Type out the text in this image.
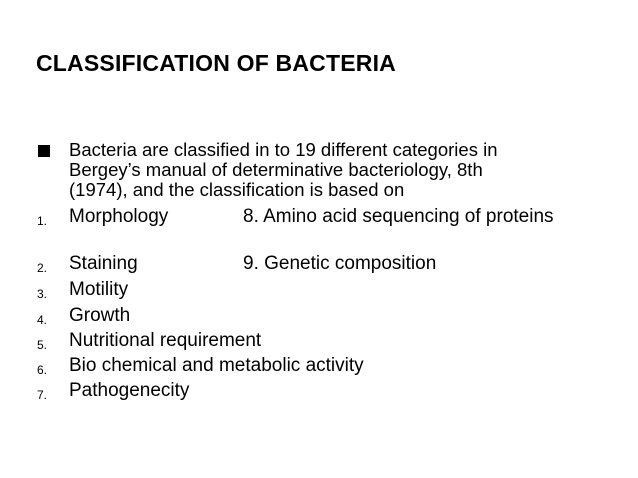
CLASSIFICATION OF BACTERIA
Bacteria are classified in to 19 different categories in
Bergey’s manual of determinative bacteriology, 8th
(1974), and the classification is based on
1. Morphology	8. Amino acid sequencing of proteins
2. Staining	9. Genetic composition
3. Motility
4. Growth
5. Nutritional requirement
6. Bio chemical and metabolic activity
7. Pathogenecity
